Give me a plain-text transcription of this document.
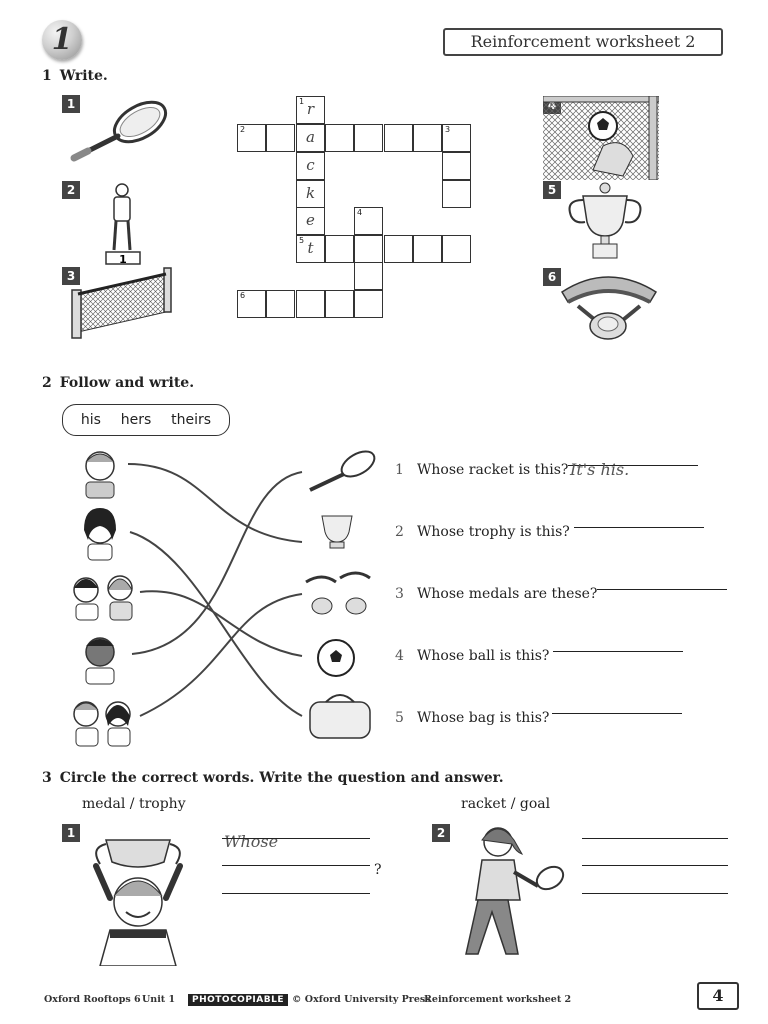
1	Reinforcement worksheet 2
1 Write.
1
2
1
3
1 r
2	a	3
c
k
e	4
5 t
6
5
6
2 Follow and write.
his hers theirs
1 Whose racket is this? It's his.
2 Whose trophy is this?
3 Whose medals are these?
4 Whose ball is this?
5 Whose bag is this?
3 Circle the correct words. Write the question and answer.
medal / trophy
1	Whose
?
racket / goal
2
Oxford Rooftops 6 Unit 1	PHOTOCOPIABLE © Oxford University Press
Reinforcement worksheet 2	4
